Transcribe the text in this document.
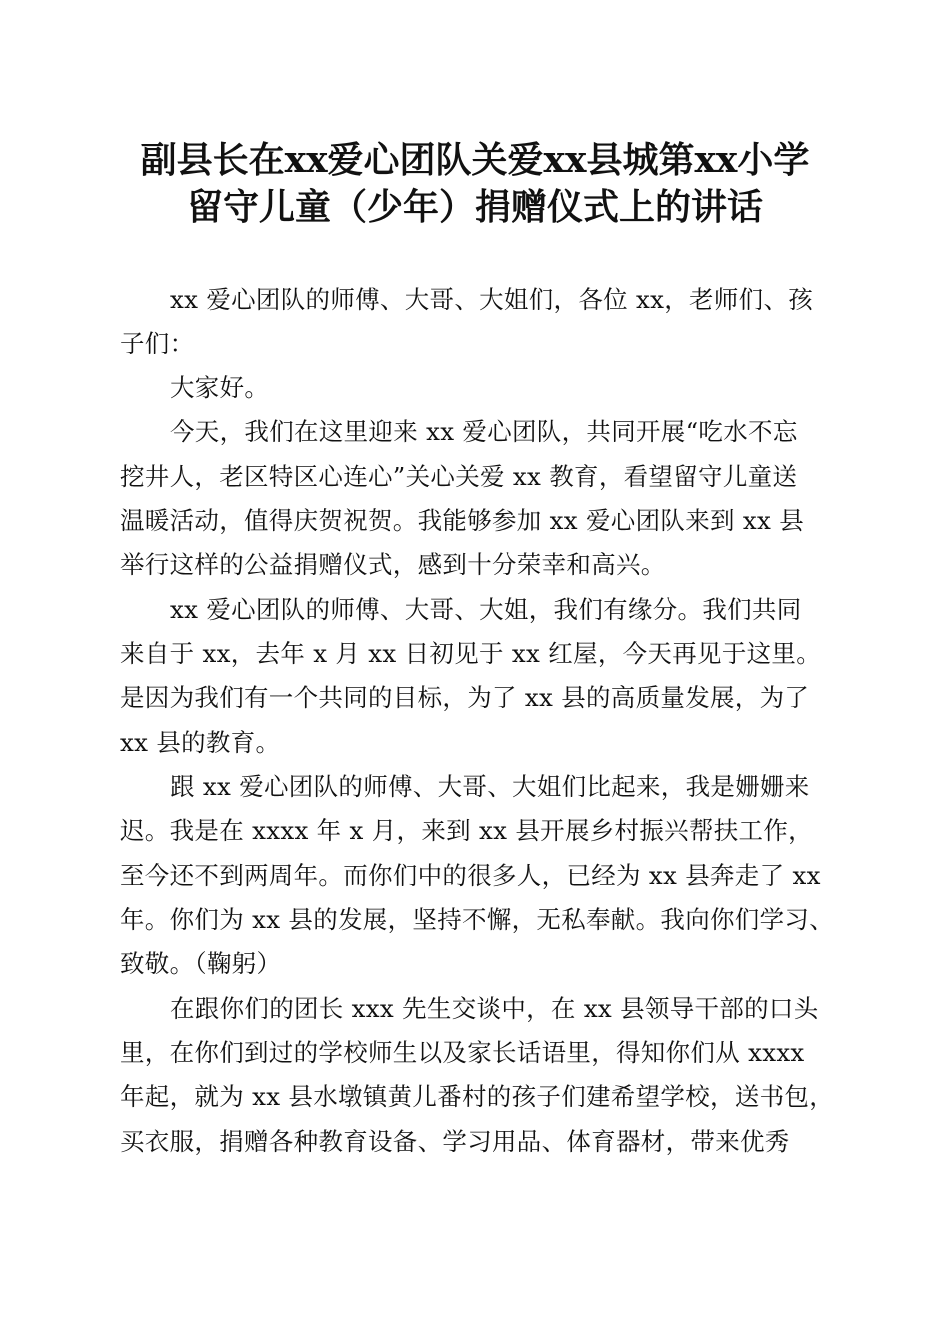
副县长在xx爱心团队关爱xx县城第xx小学
留守儿童（少年）捐赠仪式上的讲话
xx 爱心团队的师傅、大哥、大姐们，各位 xx，老师们、孩
子们：
大家好。
今天，我们在这里迎来 xx 爱心团队，共同开展“吃水不忘
挖井人，老区特区心连心”关心关爱 xx 教育，看望留守儿童送
温暖活动，值得庆贺祝贺。我能够参加 xx 爱心团队来到 xx 县
举行这样的公益捐赠仪式，感到十分荣幸和高兴。
xx 爱心团队的师傅、大哥、大姐，我们有缘分。我们共同
来自于 xx，去年 x 月 xx 日初见于 xx 红屋，今天再见于这里。
是因为我们有一个共同的目标，为了 xx 县的高质量发展，为了
xx 县的教育。
跟 xx 爱心团队的师傅、大哥、大姐们比起来，我是姗姗来
迟。我是在 xxxx 年 x 月，来到 xx 县开展乡村振兴帮扶工作，
至今还不到两周年。而你们中的很多人，已经为 xx 县奔走了 xx
年。你们为 xx 县的发展，坚持不懈，无私奉献。我向你们学习、
致敬。（鞠躬）
在跟你们的团长 xxx 先生交谈中，在 xx 县领导干部的口头
里，在你们到过的学校师生以及家长话语里，得知你们从 xxxx
年起，就为 xx 县水墩镇黄儿番村的孩子们建希望学校，送书包，
买衣服，捐赠各种教育设备、学习用品、体育器材，带来优秀
